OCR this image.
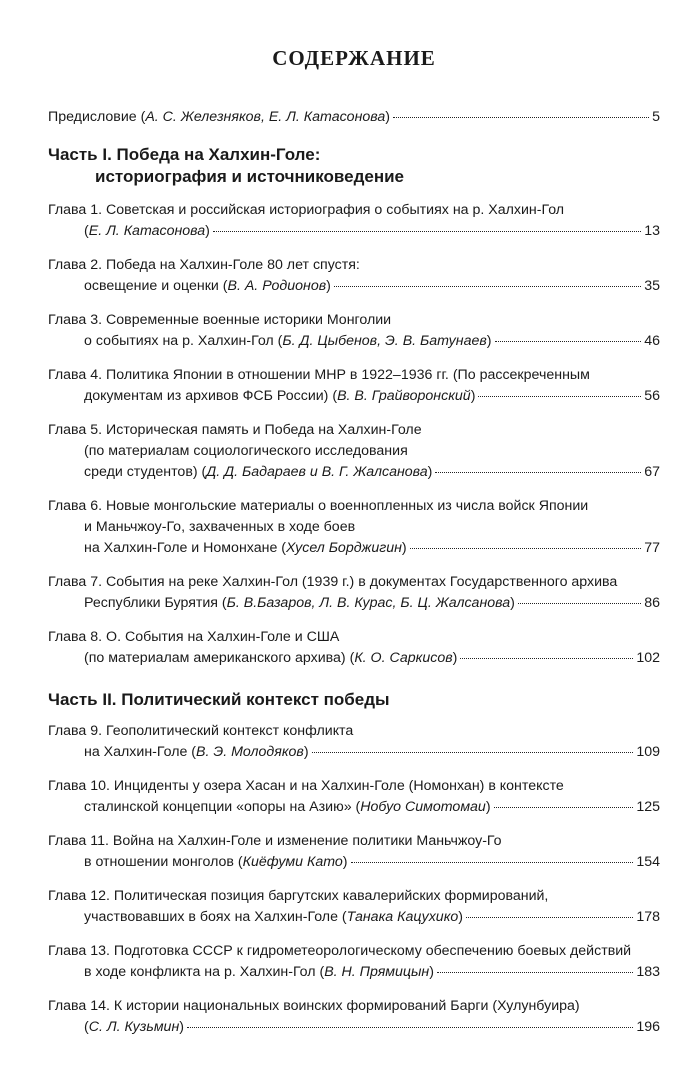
СОДЕРЖАНИЕ
Предисловие (А. С. Железняков, Е. Л. Катасонова)	5
Часть I. Победа на Халхин-Голе:
историография и источниковедение
Глава 1. Советская и российская историография о событиях на р. Халхин-Гол
(Е. Л. Катасонова)	13
Глава 2. Победа на Халхин-Голе 80 лет спустя:
освещение и оценки (В. А. Родионов)	35
Глава 3. Современные военные историки Монголии
о событиях на р. Халхин-Гол (Б. Д. Цыбенов, Э. В. Батунаев)	46
Глава 4. Политика Японии в отношении МНР в 1922–1936 гг. (По рассекреченным
документам из архивов ФСБ России) (В. В. Грайворонский)	56
Глава 5. Историческая память и Победа на Халхин-Голе
(по материалам социологического исследования
среди студентов) (Д. Д. Бадараев и В. Г. Жалсанова)	67
Глава 6. Новые монгольские материалы о военнопленных из числа войск Японии
и Маньчжоу-Го, захваченных в ходе боев
на Халхин-Голе и Номонхане (Хусел Борджигин)	77
Глава 7. События на реке Халхин-Гол (1939 г.) в документах Государственного архива
Республики Бурятия (Б. В.Базаров, Л. В. Курас, Б. Ц. Жалсанова)	86
Глава 8. О. События на Халхин-Голе и США
(по материалам американского архива) (К. О. Саркисов)	102
Часть II. Политический контекст победы
Глава 9. Геополитический контекст конфликта
на Халхин-Голе (В. Э. Молодяков)	109
Глава 10. Инциденты у озера Хасан и на Халхин-Голе (Номонхан) в контексте
сталинской концепции «опоры на Азию» (Нобуо Симотомаи)	125
Глава 11. Война на Халхин-Голе и изменение политики Маньчжоу-Го
в отношении монголов (Киёфуми Като)	154
Глава 12. Политическая позиция баргутских кавалерийских формирований,
участвовавших в боях на Халхин-Голе (Танака Кацухико)	178
Глава 13. Подготовка СССР к гидрометеорологическому обеспечению боевых действий
в ходе конфликта на р. Халхин-Гол (В. Н. Прямицын)	183
Глава 14. К истории национальных воинских формирований Барги (Хулунбуира)
(С. Л. Кузьмин)	196
